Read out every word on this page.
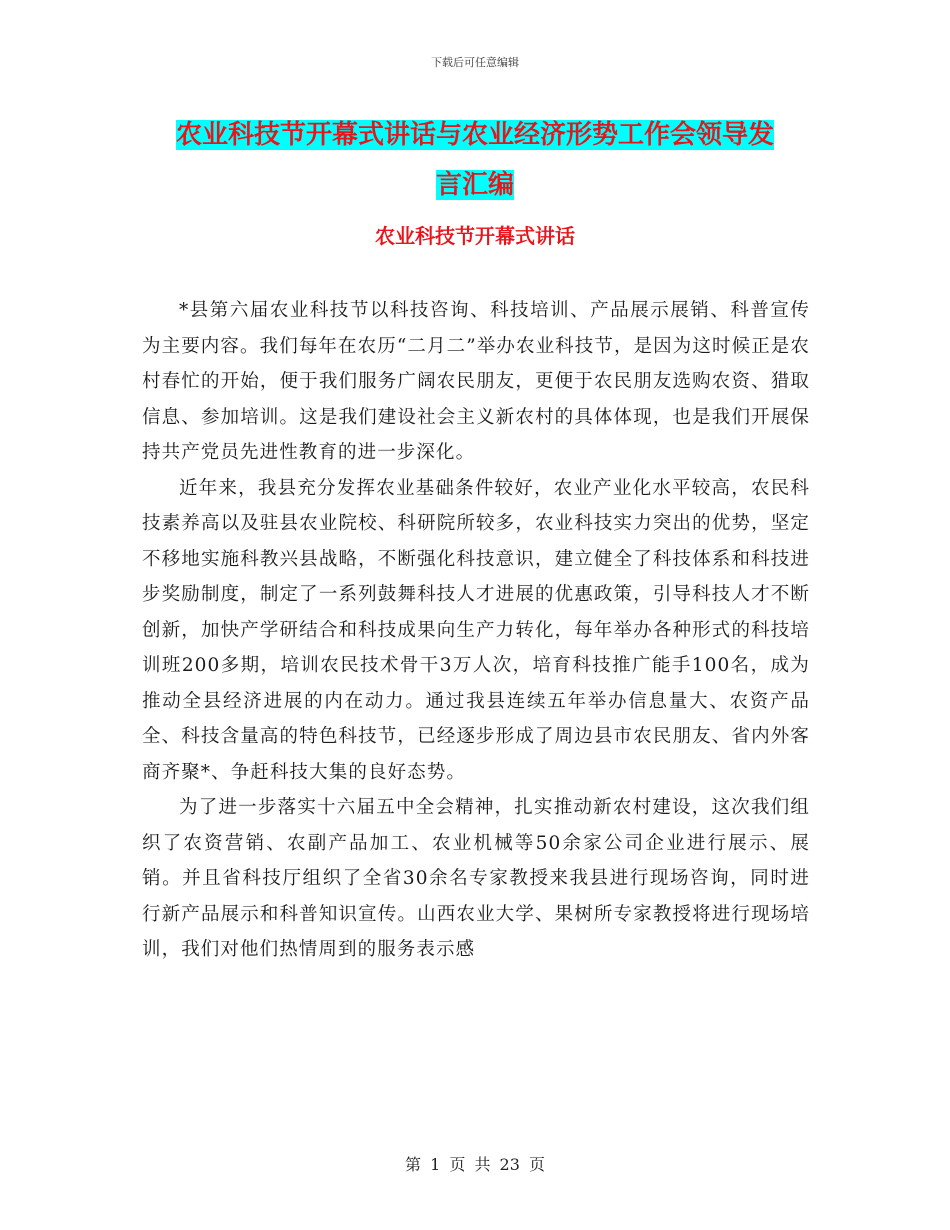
下载后可任意编辑
农业科技节开幕式讲话与农业经济形势工作会领导发
言汇编
农业科技节开幕式讲话

*县第六届农业科技节以科技咨询、科技培训、产品展示展销、科普宣传为主要内容。我们每年在农历“二月二”举办农业科技节，是因为这时候正是农村春忙的开始，便于我们服务广阔农民朋友，更便于农民朋友选购农资、猎取信息、参加培训。这是我们建设社会主义新农村的具体体现，也是我们开展保持共产党员先进性教育的进一步深化。

近年来，我县充分发挥农业基础条件较好，农业产业化水平较高，农民科技素养高以及驻县农业院校、科研院所较多，农业科技实力突出的优势，坚定不移地实施科教兴县战略，不断强化科技意识，建立健全了科技体系和科技进步奖励制度，制定了一系列鼓舞科技人才进展的优惠政策，引导科技人才不断创新，加快产学研结合和科技成果向生产力转化，每年举办各种形式的科技培训班200多期，培训农民技术骨干3万人次，培育科技推广能手100名，成为推动全县经济进展的内在动力。通过我县连续五年举办信息量大、农资产品全、科技含量高的特色科技节，已经逐步形成了周边县市农民朋友、省内外客商齐聚*、争赶科技大集的良好态势。

为了进一步落实十六届五中全会精神，扎实推动新农村建设，这次我们组织了农资营销、农副产品加工、农业机械等50余家公司企业进行展示、展销。并且省科技厅组织了全省30余名专家教授来我县进行现场咨询，同时进行新产品展示和科普知识宣传。山西农业大学、果树所专家教授将进行现场培训，我们对他们热情周到的服务表示感

第 1 页 共 23 页
